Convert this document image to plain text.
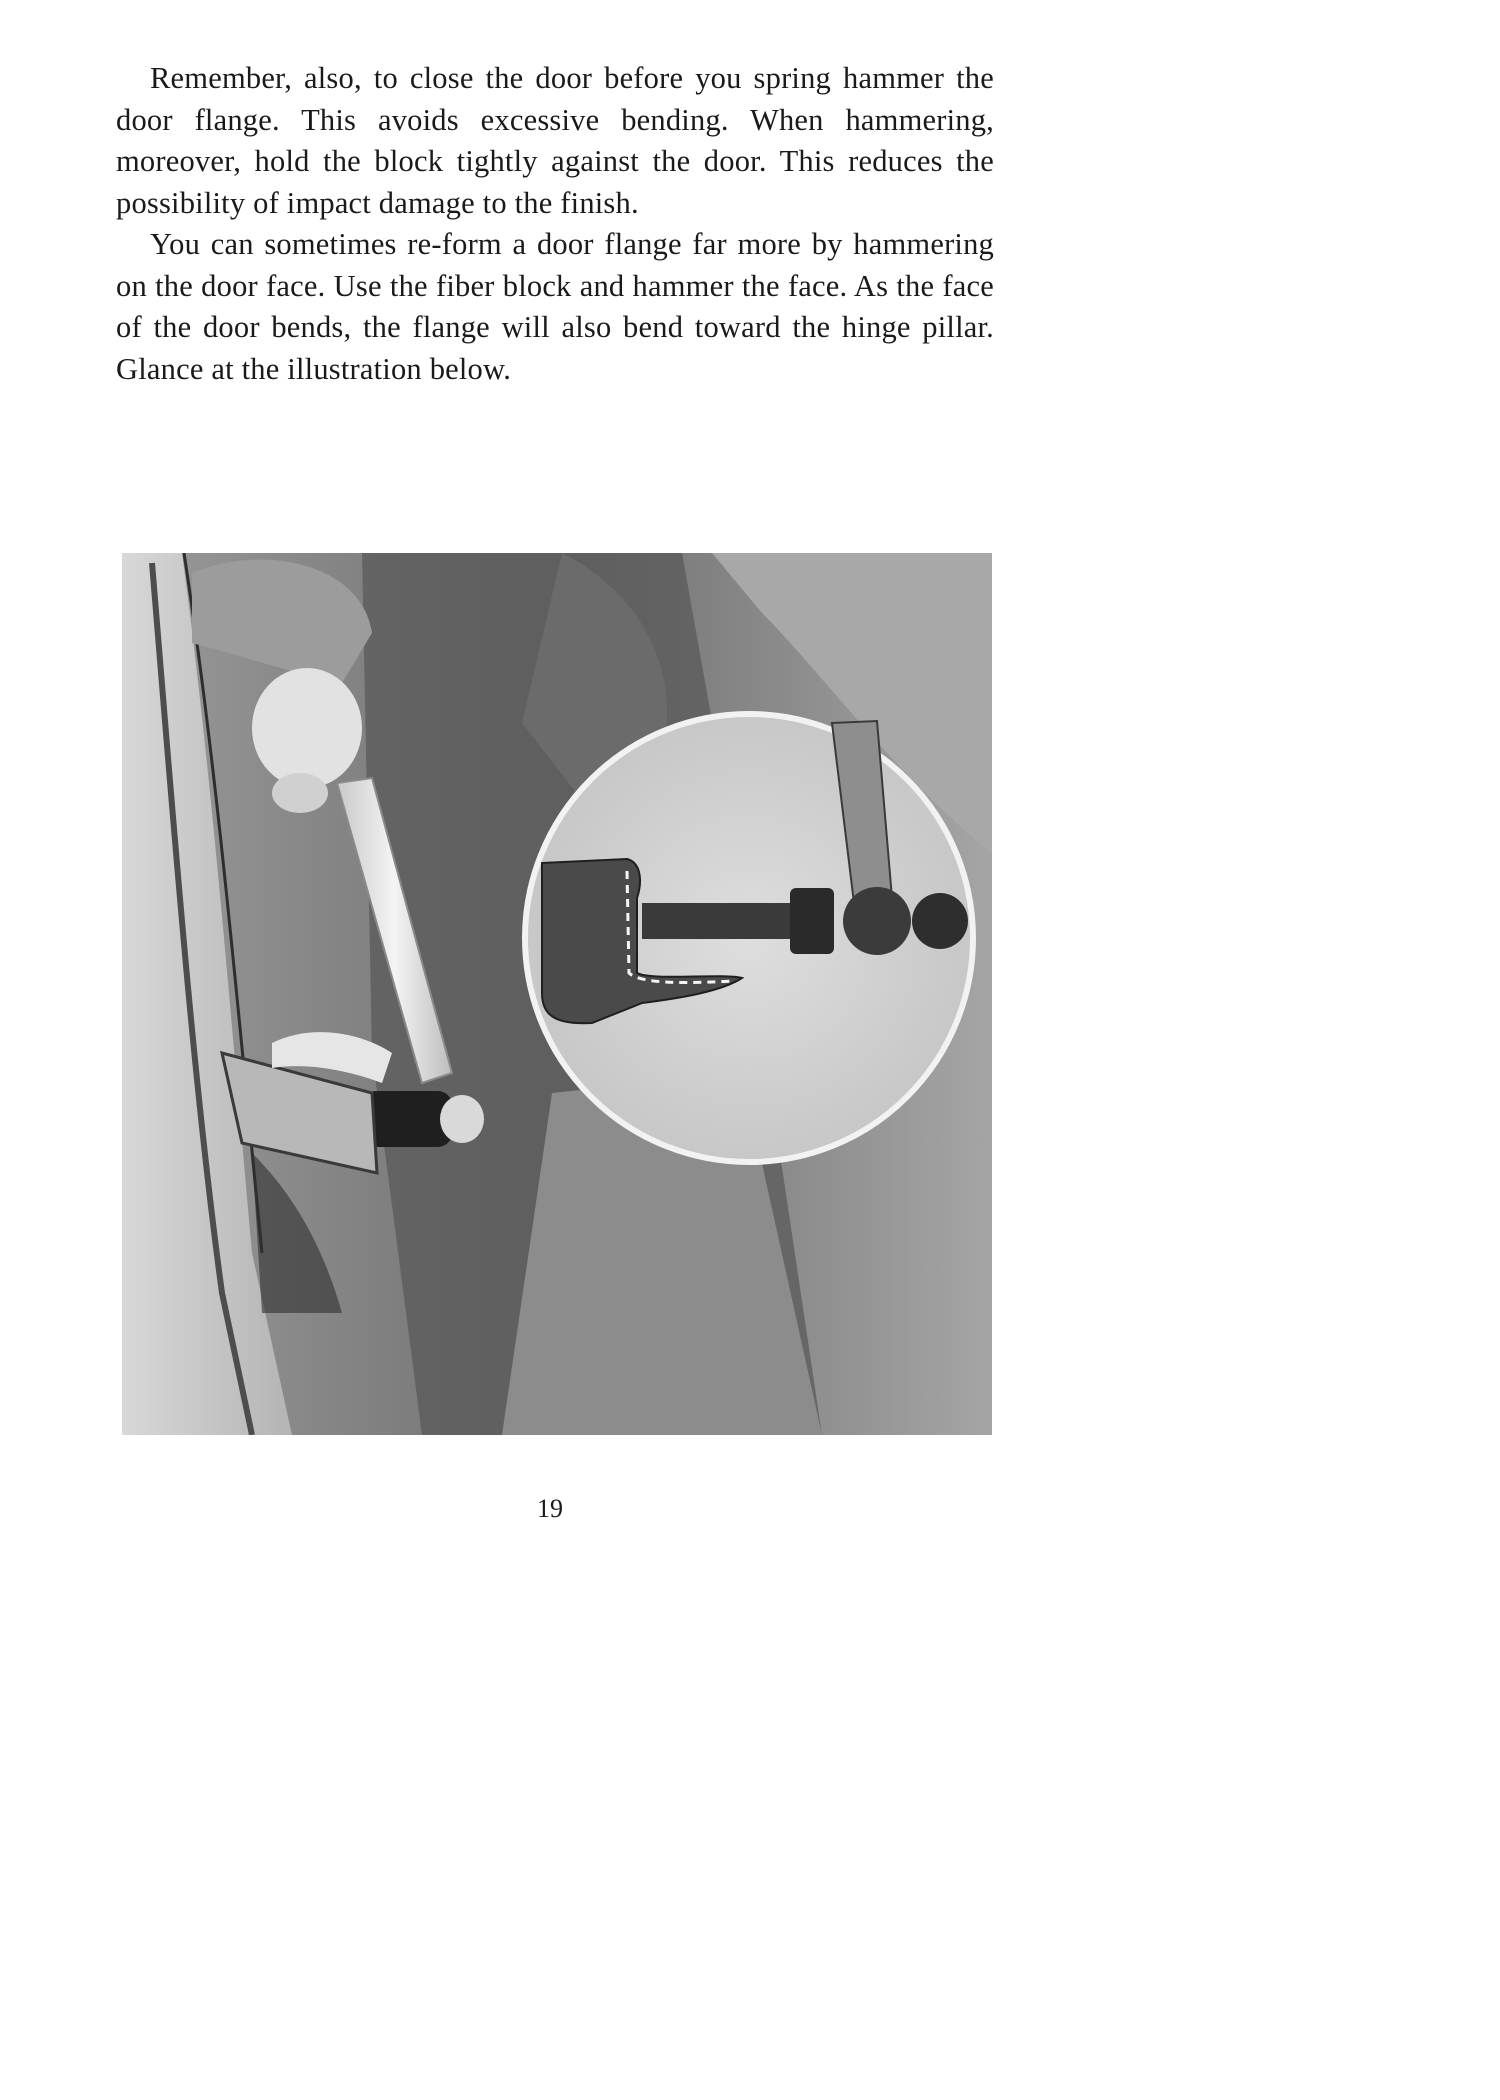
Remember, also, to close the door before you spring hammer the door flange. This avoids excessive bending. When hammering, moreover, hold the block tightly against the door. This reduces the possibility of impact damage to the finish.

You can sometimes re-form a door flange far more by hammering on the door face. Use the fiber block and hammer the face. As the face of the door bends, the flange will also bend toward the hinge pillar. Glance at the illustration below.

19
